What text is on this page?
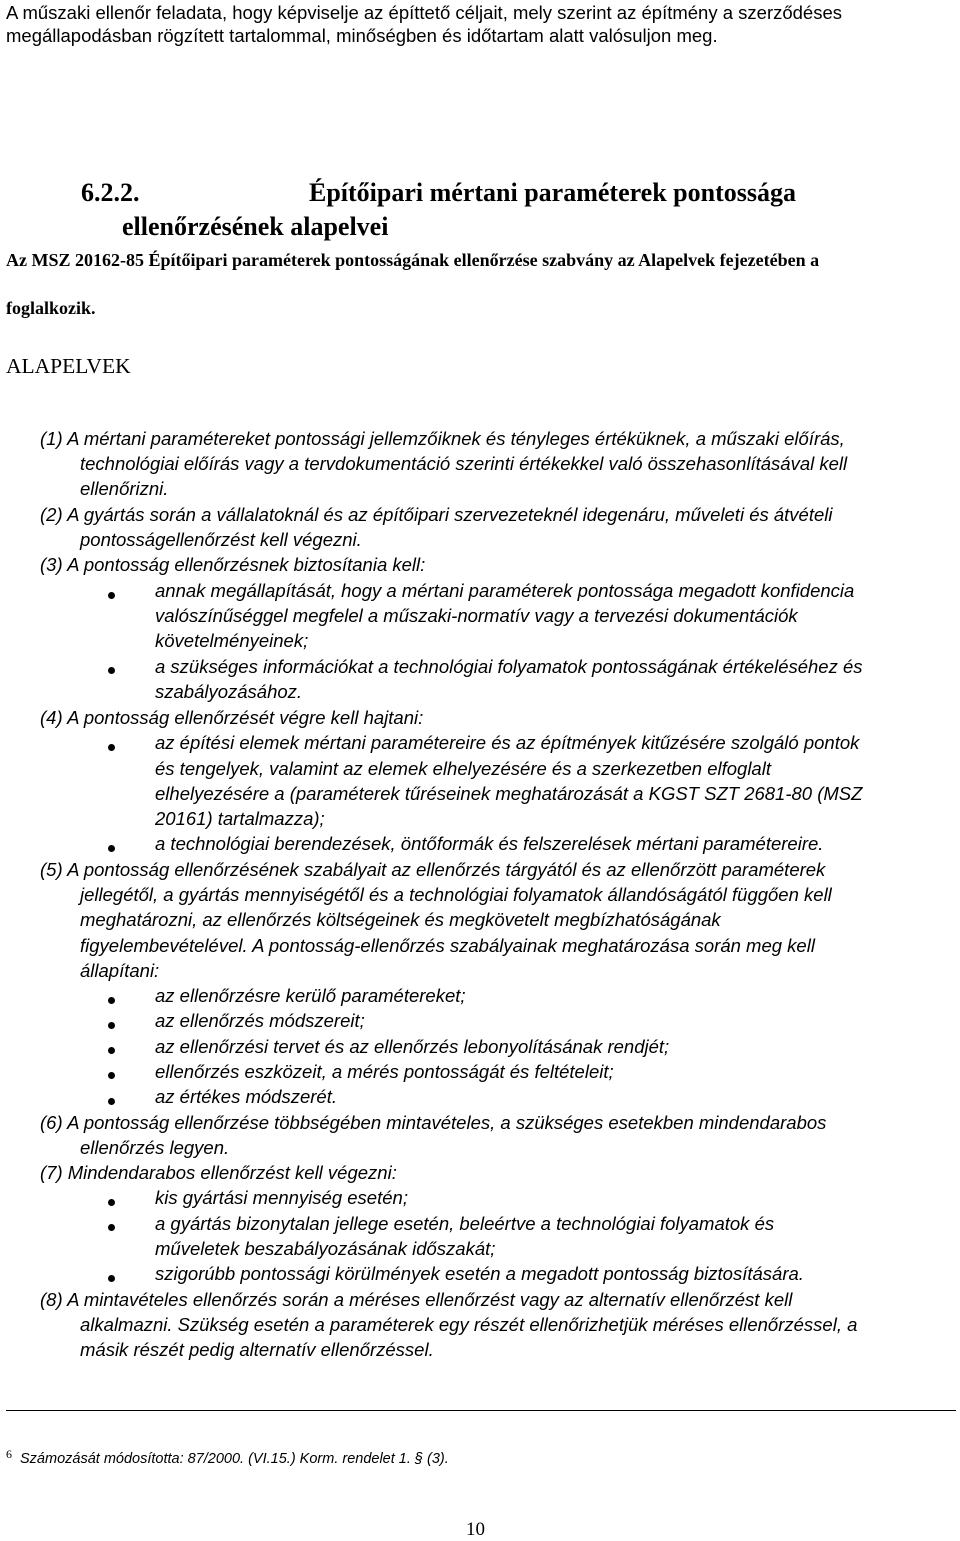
A műszaki ellenőr feladata, hogy képviselje az építtető céljait, mely szerint az építmény a szerződéses megállapodásban rögzített tartalommal, minőségben és időtartam alatt valósuljon meg.

6.2.2.	Építőipari mértani paraméterek pontossága
ellenőrzésének alapelvei
Az MSZ 20162-85 Építőipari paraméterek pontosságának ellenőrzése szabvány az Alapelvek fejezetében a
foglalkozik.
ALAPELVEK
(1) A mértani paramétereket pontossági jellemzőiknek és tényleges értéküknek, a műszaki előírás,
technológiai előírás vagy a tervdokumentáció szerinti értékekkel való összehasonlításával kell
ellenőrizni.
(2) A gyártás során a vállalatoknál és az építőipari szervezeteknél idegenáru, műveleti és átvételi
pontosságellenőrzést kell végezni.
(3) A pontosság ellenőrzésnek biztosítania kell:
annak megállapítását, hogy a mértani paraméterek pontossága megadott konfidencia
valószínűséggel megfelel a műszaki-normatív vagy a tervezési dokumentációk
követelményeinek;
a szükséges információkat a technológiai folyamatok pontosságának értékeléséhez és
szabályozásához.
(4) A pontosság ellenőrzését végre kell hajtani:
az építési elemek mértani paramétereire és az építmények kitűzésére szolgáló pontok
és tengelyek, valamint az elemek elhelyezésére és a szerkezetben elfoglalt
elhelyezésére a (paraméterek tűréseinek meghatározását a KGST SZT 2681-80 (MSZ
20161) tartalmazza);
a technológiai berendezések, öntőformák és felszerelések mértani paramétereire.
(5) A pontosság ellenőrzésének szabályait az ellenőrzés tárgyától és az ellenőrzött paraméterek
jellegétől, a gyártás mennyiségétől és a technológiai folyamatok állandóságától függően kell
meghatározni, az ellenőrzés költségeinek és megkövetelt megbízhatóságának
figyelembevételével. A pontosság-ellenőrzés szabályainak meghatározása során meg kell
állapítani:
az ellenőrzésre kerülő paramétereket;
az ellenőrzés módszereit;
az ellenőrzési tervet és az ellenőrzés lebonyolításának rendjét;
ellenőrzés eszközeit, a mérés pontosságát és feltételeit;
az értékes módszerét.
(6) A pontosság ellenőrzése többségében mintavételes, a szükséges esetekben mindendarabos
ellenőrzés legyen.
(7) Mindendarabos ellenőrzést kell végezni:
kis gyártási mennyiség esetén;
a gyártás bizonytalan jellege esetén, beleértve a technológiai folyamatok és
műveletek beszabályozásának időszakát;
szigorúbb pontossági körülmények esetén a megadott pontosság biztosítására.
(8) A mintavételes ellenőrzés során a méréses ellenőrzést vagy az alternatív ellenőrzést kell
alkalmazni. Szükség esetén a paraméterek egy részét ellenőrizhetjük méréses ellenőrzéssel, a
másik részét pedig alternatív ellenőrzéssel.
6 Számozását módosította: 87/2000. (VI.15.) Korm. rendelet 1. § (3).
10
